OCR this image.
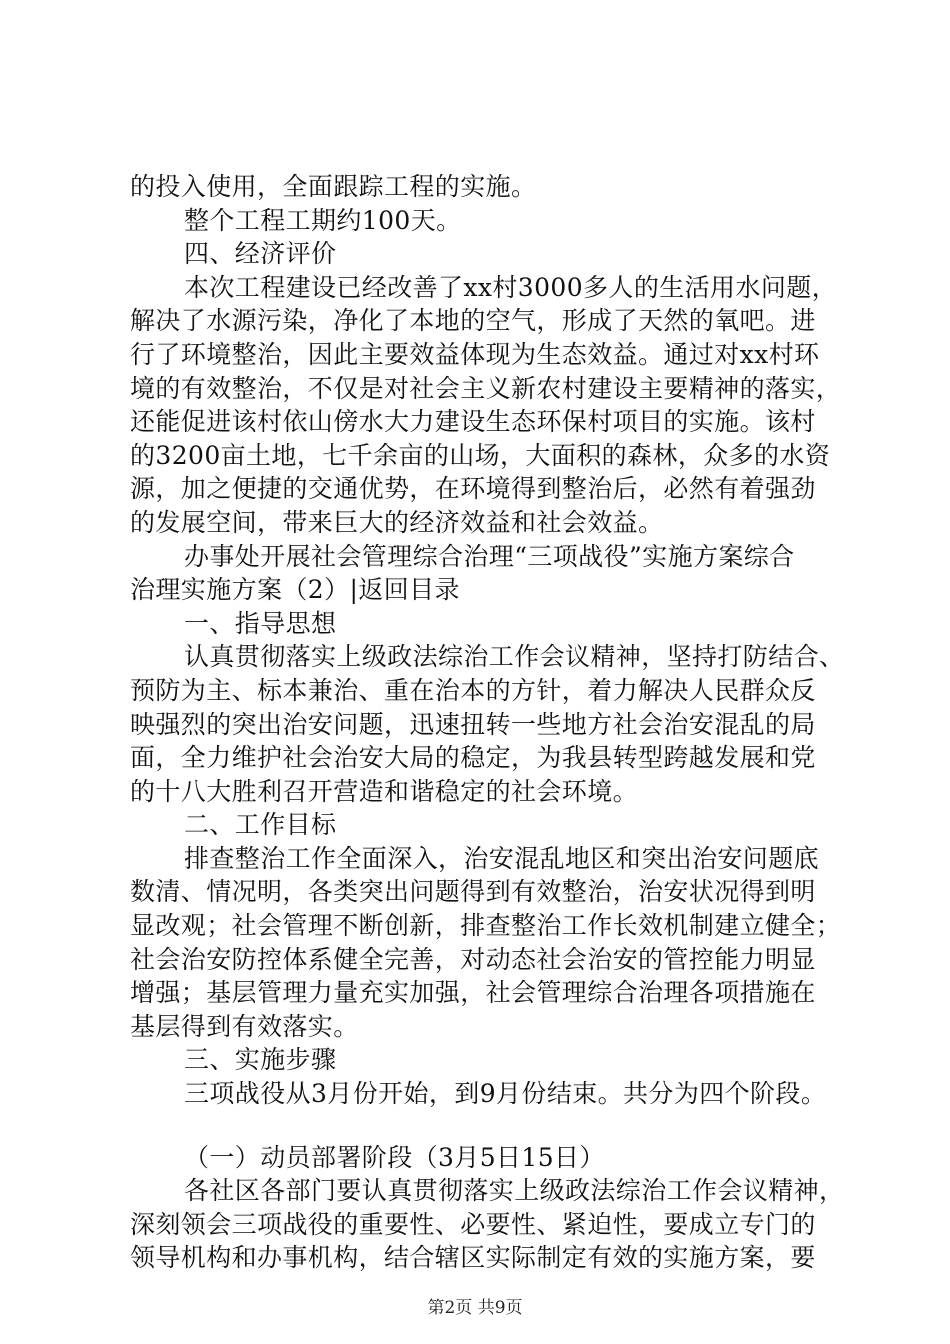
的投入使用，全面跟踪工程的实施。
整个工程工期约100天。
四、经济评价
本次工程建设已经改善了xx村3000多人的生活用水问题，
解决了水源污染，净化了本地的空气，形成了天然的氧吧。进
行了环境整治，因此主要效益体现为生态效益。通过对xx村环
境的有效整治，不仅是对社会主义新农村建设主要精神的落实，
还能促进该村依山傍水大力建设生态环保村项目的实施。该村
的3200亩土地，七千余亩的山场，大面积的森林，众多的水资
源，加之便捷的交通优势，在环境得到整治后，必然有着强劲
的发展空间，带来巨大的经济效益和社会效益。
办事处开展社会管理综合治理“三项战役”实施方案综合
治理实施方案（2）|返回目录
一、指导思想
认真贯彻落实上级政法综治工作会议精神，坚持打防结合、
预防为主、标本兼治、重在治本的方针，着力解决人民群众反
映强烈的突出治安问题，迅速扭转一些地方社会治安混乱的局
面，全力维护社会治安大局的稳定，为我县转型跨越发展和党
的十八大胜利召开营造和谐稳定的社会环境。
二、工作目标
排查整治工作全面深入，治安混乱地区和突出治安问题底
数清、情况明，各类突出问题得到有效整治，治安状况得到明
显改观；社会管理不断创新，排查整治工作长效机制建立健全；
社会治安防控体系健全完善，对动态社会治安的管控能力明显
增强；基层管理力量充实加强，社会管理综合治理各项措施在
基层得到有效落实。
三、实施步骤
三项战役从3月份开始，到9月份结束。共分为四个阶段。
（一）动员部署阶段（3月5日15日）
各社区各部门要认真贯彻落实上级政法综治工作会议精神，
深刻领会三项战役的重要性、必要性、紧迫性，要成立专门的
领导机构和办事机构，结合辖区实际制定有效的实施方案，要
第2页 共9页
